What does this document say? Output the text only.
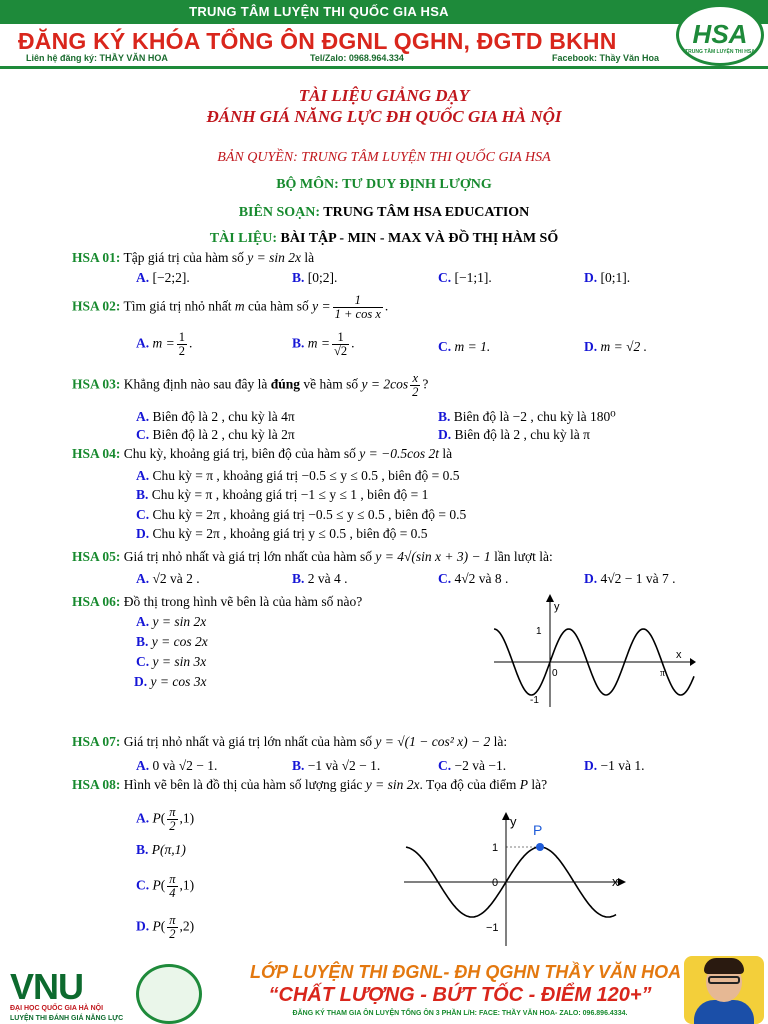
TRUNG TÂM LUYỆN THI QUỐC GIA HSA
ĐĂNG KÝ KHÓA TỔNG ÔN ĐGNL QGHN, ĐGTD BKHN
Liên hệ đăng ký: THẦY VĂN HOA	Tel/Zalo: 0968.964.334	Facebook: Thầy Văn Hoa
HSA
TRUNG TÂM LUYỆN THI HSA
TÀI LIỆU GIẢNG DẠY
ĐÁNH GIÁ NĂNG LỰC ĐH QUỐC GIA HÀ NỘI
BẢN QUYỀN: TRUNG TÂM LUYỆN THI QUỐC GIA HSA
BỘ MÔN: TƯ DUY ĐỊNH LƯỢNG
BIÊN SOẠN: TRUNG TÂM HSA EDUCATION
TÀI LIỆU: BÀI TẬP - MIN - MAX VÀ ĐỒ THỊ HÀM SỐ
HSA 01: Tập giá trị của hàm số y = sin 2x là
A. [−2;2].	B. [0;2].	C. [−1;1].	D. [0;1].
HSA 02: Tìm giá trị nhỏ nhất m của hàm số $y = \frac{1}{\text{1 + cos x}}$ .
A. $m = \frac{1}{2}$ .	B. $m = \frac{1}{√2}$ .	C. m = 1.	D. m = √2 .
HSA 03: Khẳng định nào sau đây là đúng về hàm số $y = 2\cos \frac{x}{2}$ ?
A. Biên độ là 2 , chu kỳ là 4π	B. Biên độ là −2 , chu kỳ là 180⁰
C. Biên độ là 2 , chu kỳ là 2π	D. Biên độ là 2 , chu kỳ là π
HSA 04: Chu kỳ, khoảng giá trị, biên độ của hàm số y = −0.5cos 2t là
A. Chu kỳ = π , khoảng giá trị −0.5 ≤ y ≤ 0.5 , biên độ = 0.5
B. Chu kỳ = π , khoảng giá trị −1 ≤ y ≤ 1 , biên độ = 1
C. Chu kỳ = 2π , khoảng giá trị −0.5 ≤ y ≤ 0.5 , biên độ = 0.5
D. Chu kỳ = 2π , khoảng giá trị y ≤ 0.5 , biên độ = 0.5
HSA 05: Giá trị nhỏ nhất và giá trị lớn nhất của hàm số y = 4√(sin x + 3) − 1 lần lượt là:
A. √2 và 2 .	B. 2 và 4 .	C. 4√2 và 8 .	D. 4√2 − 1 và 7 .
HSA 06: Đồ thị trong hình vẽ bên là của hàm số nào?
A. y = sin 2x
B. y = cos 2x
C. y = sin 3x
D. y = cos 3x
y
x
1
-1
0	π
HSA 07: Giá trị nhỏ nhất và giá trị lớn nhất của hàm số y = √(1 − cos² x) − 2 là:
A. 0 và √2 − 1.	B. −1 và √2 − 1.	C. −2 và −1.	D. −1 và 1.
HSA 08: Hình vẽ bên là đồ thị của hàm số lượng giác y = sin 2x. Tọa độ của điểm P là?
A. $P( \frac{\pi}{2} ,1)$
B. P(π,1)
C. $P( \frac{\pi}{4} ,1)$
D. $P( \frac{\pi}{2} ,2)$
P
y
x
1
−1
0
VNU
ĐẠI HỌC QUỐC GIA HÀ NỘI
LUYỆN THI ĐÁNH GIÁ NĂNG LỰC
LỚP LUYỆN THI ĐGNL- ĐH QGHN THẦY VĂN HOA
“CHẤT LƯỢNG - BỨT TỐC - ĐIỂM 120+”
ĐĂNG KÝ THAM GIA ÔN LUYỆN TỔNG ÔN 3 PHẦN L/H: FACE: THẦY VĂN HOA- ZALO: 096.896.4334.
